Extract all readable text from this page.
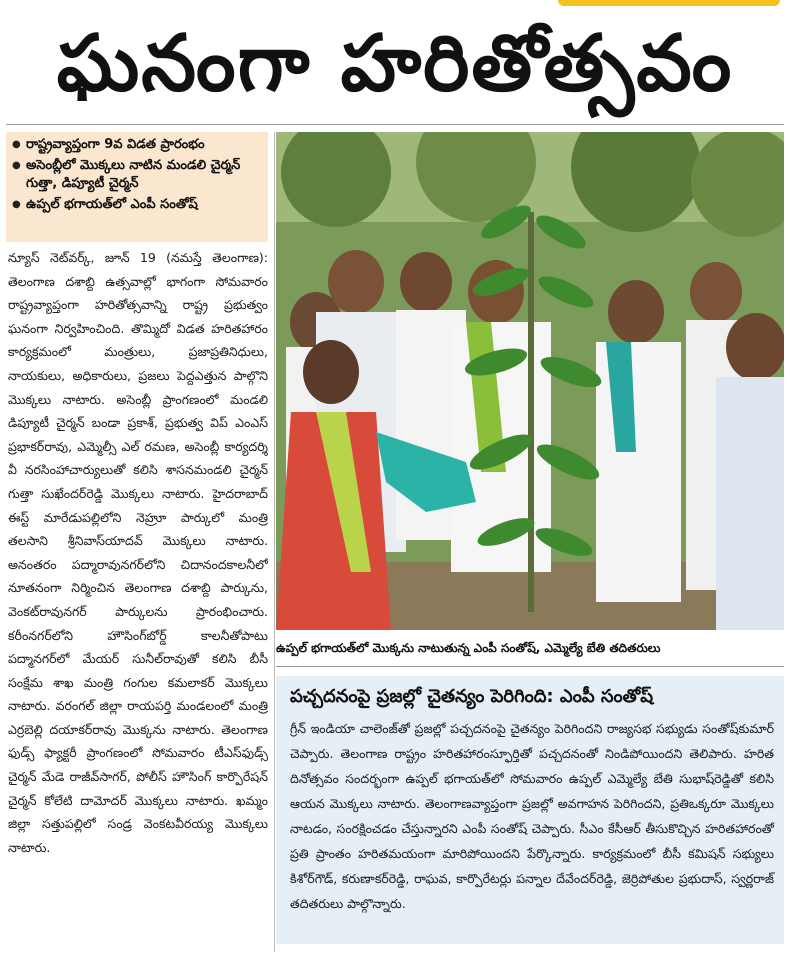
ఘనంగా హరితోత్సవం
● రాష్ట్రవ్యాప్తంగా 9వ విడత ప్రారంభం
● అసెంబ్లీలో మొక్కలు నాటిన మండలి చైర్మన్ గుత్తా, డిప్యూటీ చైర్మన్
● ఉప్పల్ భగాయత్‌లో ఎంపీ సంతోష్
న్యూస్ నెట్‌వర్క్, జూన్ 19 (నమస్తే తెలంగాణ): తెలంగాణ దశాబ్ది ఉత్సవాల్లో భాగంగా సోమవారం రాష్ట్రవ్యాప్తంగా హరితోత్సవాన్ని రాష్ట్ర ప్రభుత్వం ఘనంగా నిర్వహించింది. తొమ్మిదో విడత హరితహారం కార్యక్రమంలో మంత్రులు, ప్రజాప్రతినిధులు, నాయకులు, అధికారులు, ప్రజలు పెద్దఎత్తున పాల్గొని మొక్కలు నాటారు. అసెంబ్లీ ప్రాంగణంలో మండలి డిప్యూటీ చైర్మన్ బండా ప్రకాశ్, ప్రభుత్వ విప్ ఎంఎస్ ప్రభాకర్‌రావు, ఎమ్మెల్సీ ఎల్ రమణ, అసెంబ్లీ కార్యదర్శి వీ నరసింహాచార్యులుతో కలిసి శాసనమండలి చైర్మన్ గుత్తా సుఖేందర్‌రెడ్డి మొక్కలు నాటారు. హైదరాబాద్ ఈస్ట్ మారేడుపల్లిలోని నెహ్రూ పార్కులో మంత్రి తలసాని శ్రీనివాస్‌యాదవ్ మొక్కలు నాటారు. అనంతరం పద్మారావునగర్‌లోని చిదానందకాలనీలో నూతనంగా నిర్మించిన తెలంగాణ దశాబ్ది పార్కును, వెంకట్‌రావునగర్ పార్కులను ప్రారంభించారు. కరీంనగర్‌లోని హౌసింగ్‌బోర్డ్ కాలనీతోపాటు పద్మానగర్‌లో మేయర్ సునీల్‌రావుతో కలిసి బీసీ సంక్షేమ శాఖ మంత్రి గంగుల కమలాకర్ మొక్కలు నాటారు. వరంగల్ జిల్లా రాయపర్తి మండలంలో మంత్రి ఎర్రబెల్లి దయాకర్‌రావు మొక్కను నాటారు. తెలంగాణ ఫుడ్స్ ఫ్యాక్టరీ ప్రాంగణంలో సోమవారం టీఎస్‌ఫుడ్స్ చైర్మన్ మేడె రాజీవ్‌సాగర్, పోలీస్ హౌసింగ్ కార్పొరేషన్ చైర్మన్ కోలేటి దామోదర్ మొక్కలు నాటారు. ఖమ్మం జిల్లా సత్తుపల్లిలో సండ్ర వెంకటవీరయ్య మొక్కలు నాటారు.
ఉప్పల్ భగాయత్‌లో మొక్కను నాటుతున్న ఎంపీ సంతోష్, ఎమ్మెల్యే బేతి తదితరులు
పచ్చదనంపై ప్రజల్లో చైతన్యం పెరిగింది: ఎంపీ సంతోష్
గ్రీన్ ఇండియా చాలెంజ్‌తో ప్రజల్లో పచ్చదనంపై చైతన్యం పెరిగిందని రాజ్యసభ సభ్యుడు సంతోష్‌కుమార్ చెప్పారు. తెలంగాణ రాష్ట్రం హరితహారంస్ఫూర్తితో పచ్చదనంతో నిండిపోయిందని తెలిపారు. హరిత దినోత్సవం సందర్భంగా ఉప్పల్ భగాయత్‌లో సోమవారం ఉప్పల్ ఎమ్మెల్యే బేతి సుభాష్‌రెడ్డితో కలిసి ఆయన మొక్కలు నాటారు. తెలంగాణవ్యాప్తంగా ప్రజల్లో అవగాహన పెరిగిందని, ప్రతిఒక్కరూ మొక్కలు నాటడం, సంరక్షించడం చేస్తున్నారని ఎంపీ సంతోష్ చెప్పారు. సీఎం కేసీఆర్ తీసుకొచ్చిన హరితహారంతో ప్రతి ప్రాంతం హరితమయంగా మారిపోయిందని పేర్కొన్నారు. కార్యక్రమంలో బీసీ కమిషన్ సభ్యులు కిశోర్‌గౌడ్, కరుణాకర్‌రెడ్డి, రాఘవ, కార్పొరేటర్లు పన్నాల దేవేందర్‌రెడ్డి, జెర్రిపోతుల ప్రభుదాస్, స్వర్ణరాజ్ తదితరులు పాల్గొన్నారు.
